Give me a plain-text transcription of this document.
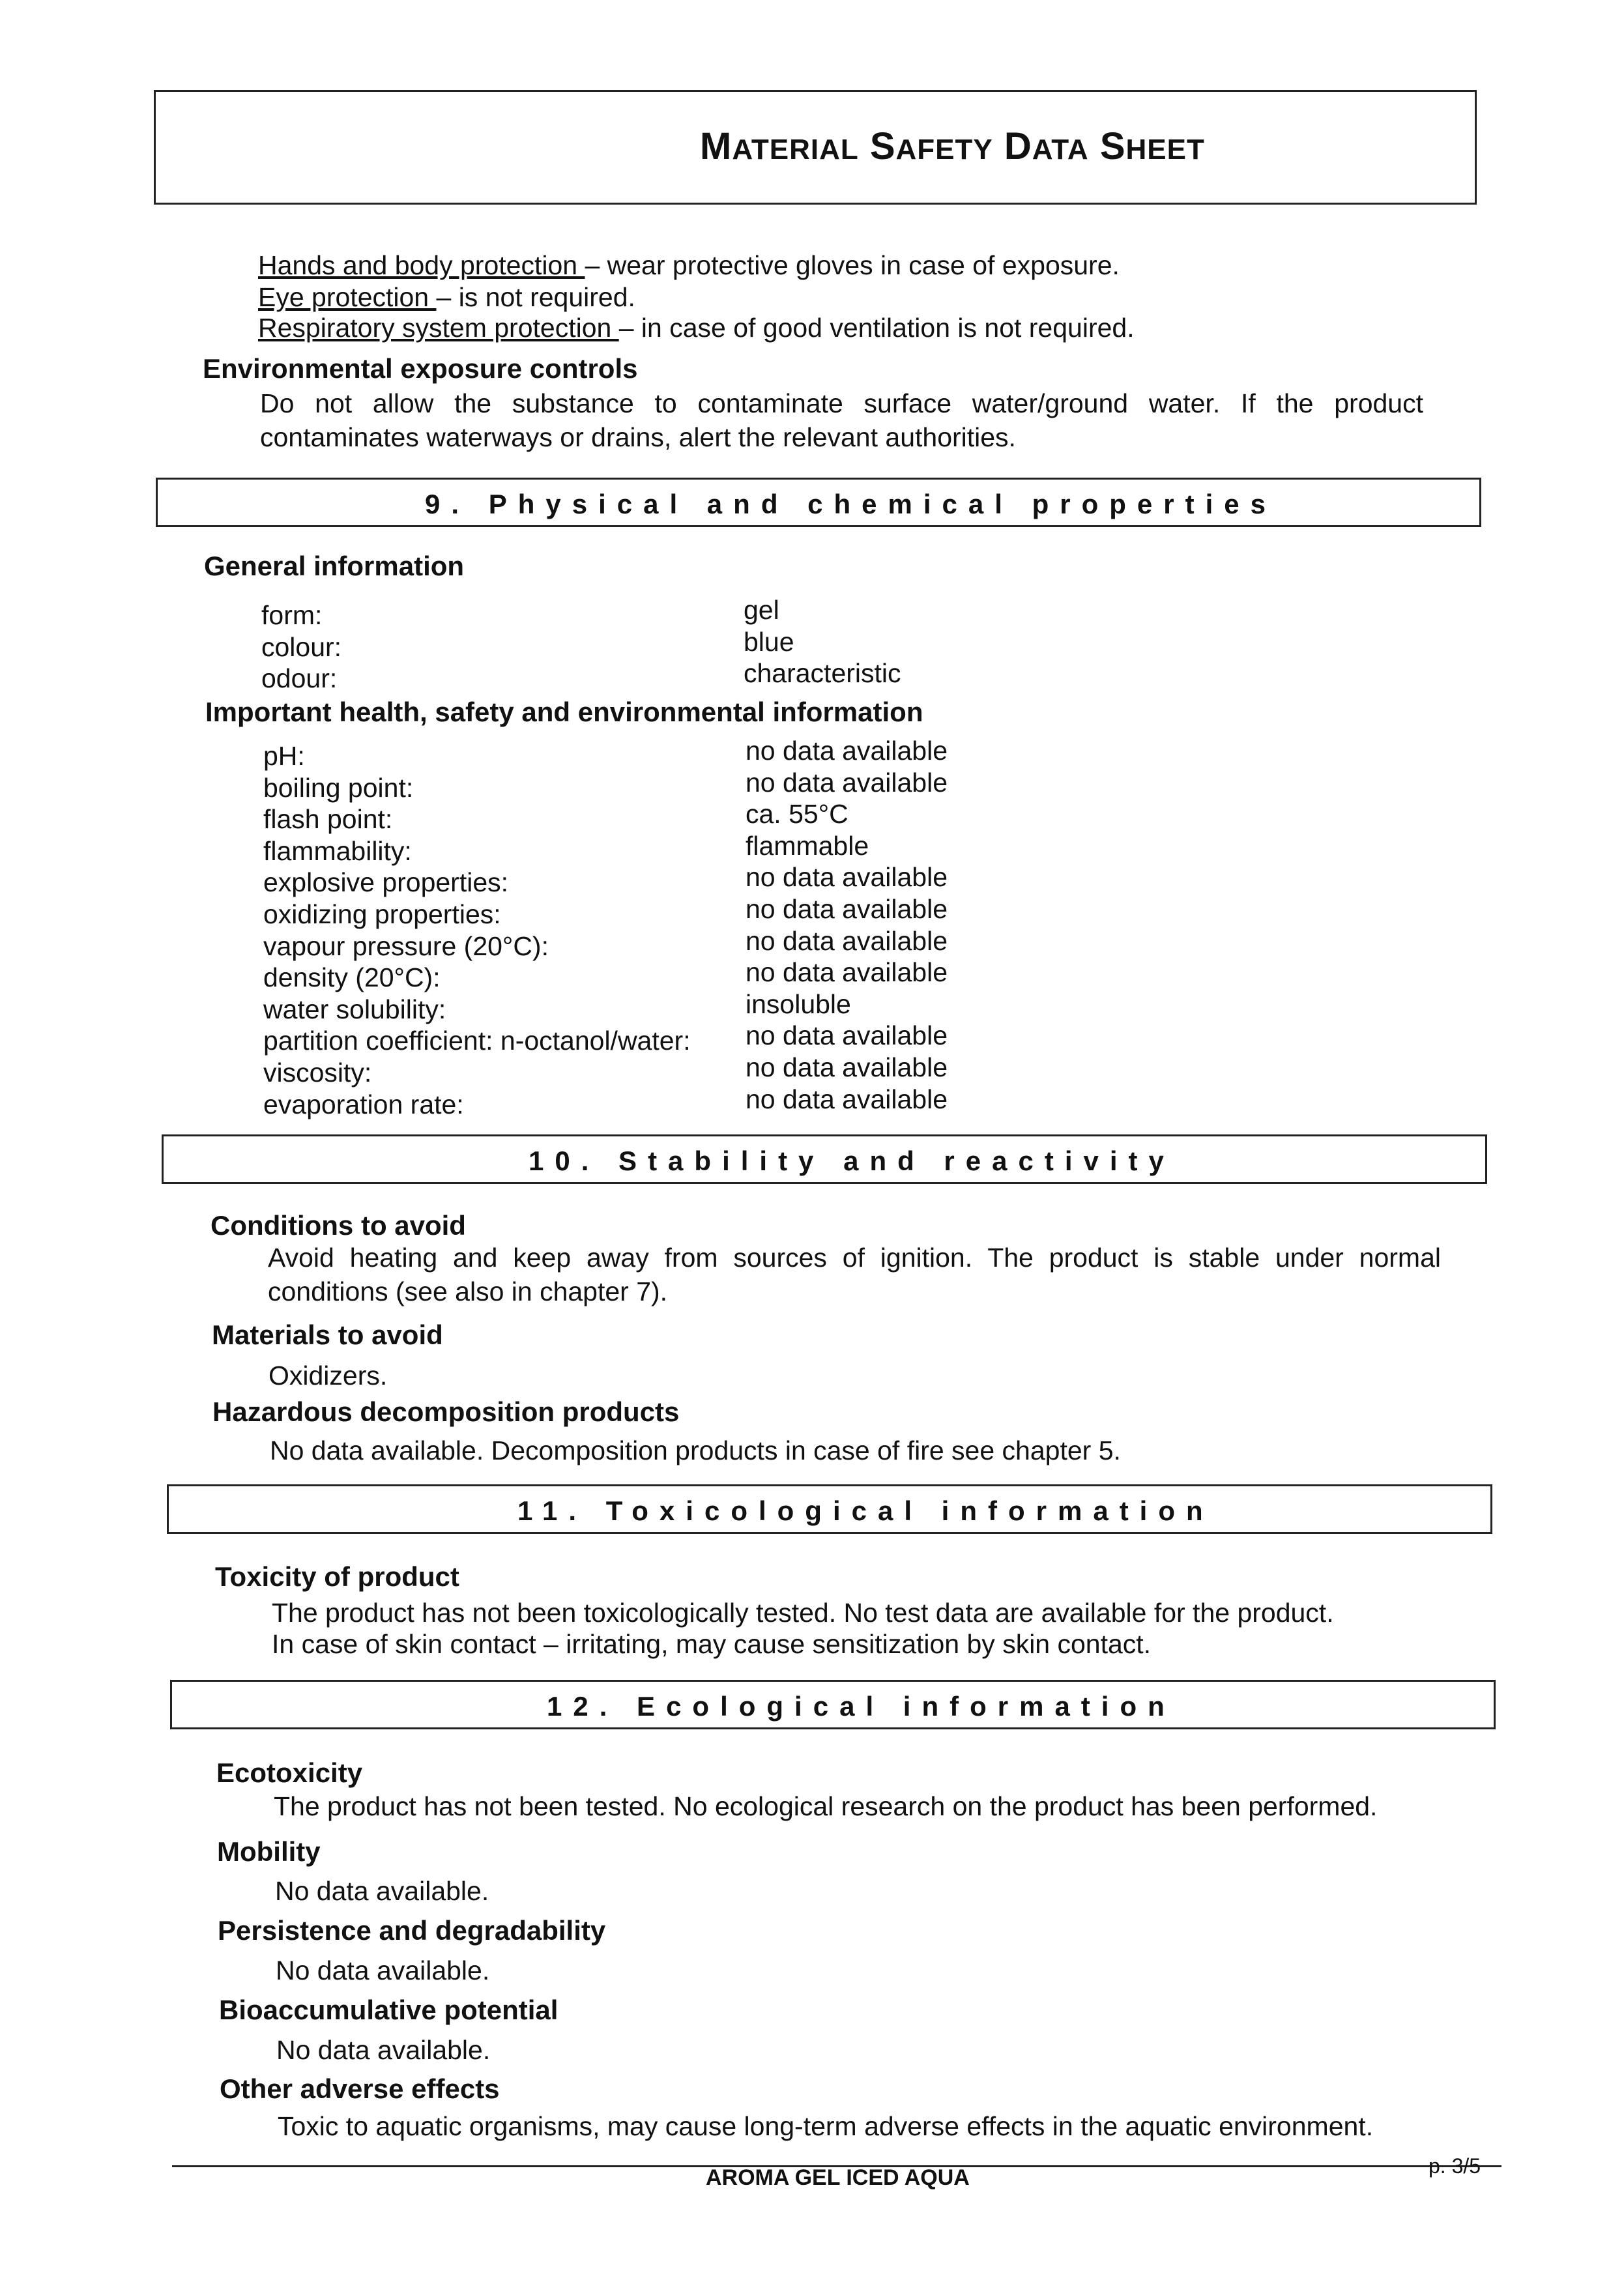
MATERIAL SAFETY DATA SHEET
Hands and body protection – wear protective gloves in case of exposure.
Eye protection – is not required.
Respiratory system protection – in case of good ventilation is not required.
Environmental exposure controls
Do not allow the substance to contaminate surface water/ground water. If the product
contaminates waterways or drains, alert the relevant authorities.
9. Physical and chemical properties
General information
form:	gel
colour:	blue
odour:	characteristic
Important health, safety and environmental information
pH:	no data available
boiling point:	no data available
flash point:	ca. 55°C
flammability:	flammable
explosive properties:	no data available
oxidizing properties:	no data available
vapour pressure (20°C):	no data available
density (20°C):	no data available
water solubility:	insoluble
partition coefficient: n-octanol/water: no data available
viscosity:	no data available
evaporation rate:	no data available
10. Stability and reactivity
Conditions to avoid
Avoid heating and keep away from sources of ignition. The product is stable under normal
conditions (see also in chapter 7).
Materials to avoid
Oxidizers.
Hazardous decomposition products
No data available. Decomposition products in case of fire see chapter 5.
11. Toxicological information
Toxicity of product
The product has not been toxicologically tested. No test data are available for the product.
In case of skin contact – irritating, may cause sensitization by skin contact.
12. Ecological information
Ecotoxicity
The product has not been tested. No ecological research on the product has been performed.
Mobility
No data available.
Persistence and degradability
No data available.
Bioaccumulative potential
No data available.
Other adverse effects
Toxic to aquatic organisms, may cause long-term adverse effects in the aquatic environment.
AROMA GEL ICED AQUA	p. 3/5
